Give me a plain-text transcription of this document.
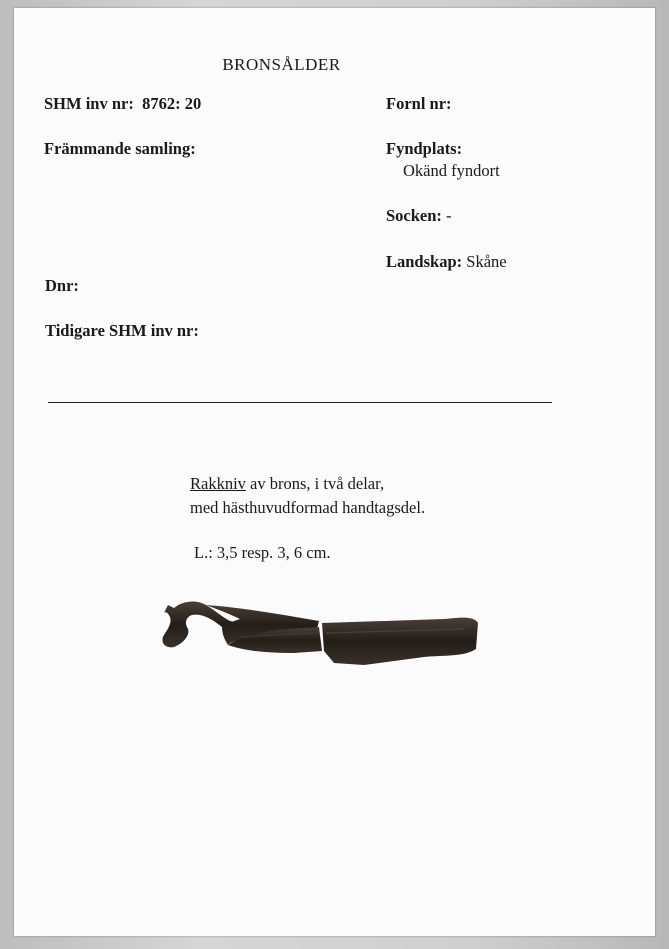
BRONSÅLDER
SHM inv nr: 8762: 20
Främmande samling:
Dnr:
Tidigare SHM inv nr:
Fornl nr:
Fyndplats:
Okänd fyndort
Socken: -
Landskap: Skåne
Rakkniv av brons, i två delar,
med hästhuvudformad handtagsdel.
L.: 3,5 resp. 3, 6 cm.
